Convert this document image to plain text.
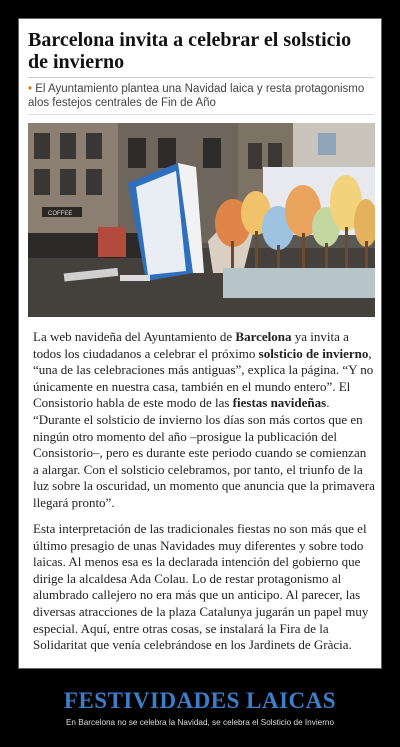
Barcelona invita a celebrar el solsticio de invierno

• El Ayuntamiento plantea una Navidad laica y resta protagonismo alos festejos centrales de Fin de Año

COFFEE

La web navideña del Ayuntamiento de Barcelona ya invita a todos los ciudadanos a celebrar el próximo solsticio de invierno, “una de las celebraciones más antiguas”, explica la página. “Y no únicamente en nuestra casa, también en el mundo entero”. El Consistorio habla de este modo de las fiestas navideñas. “Durante el solsticio de invierno los días son más cortos que en ningún otro momento del año –prosigue la publicación del Consistorio–, pero es durante este periodo cuando se comienzan a alargar. Con el solsticio celebramos, por tanto, el triunfo de la luz sobre la oscuridad, un momento que anuncia que la primavera llegará pronto”.

Esta interpretación de las tradicionales fiestas no son más que el último presagio de unas Navidades muy diferentes y sobre todo laicas. Al menos esa es la declarada intención del gobierno que dirige la alcaldesa Ada Colau. Lo de restar protagonismo al alumbrado callejero no era más que un anticipo. Al parecer, las diversas atracciones de la plaza Catalunya jugarán un papel muy especial. Aquí, entre otras cosas, se instalará la Fira de la Solidaritat que venía celebrándose en los Jardinets de Gràcia.

FESTIVIDADES LAICAS

En Barcelona no se celebra la Navidad, se celebra el Solsticio de Invierno
